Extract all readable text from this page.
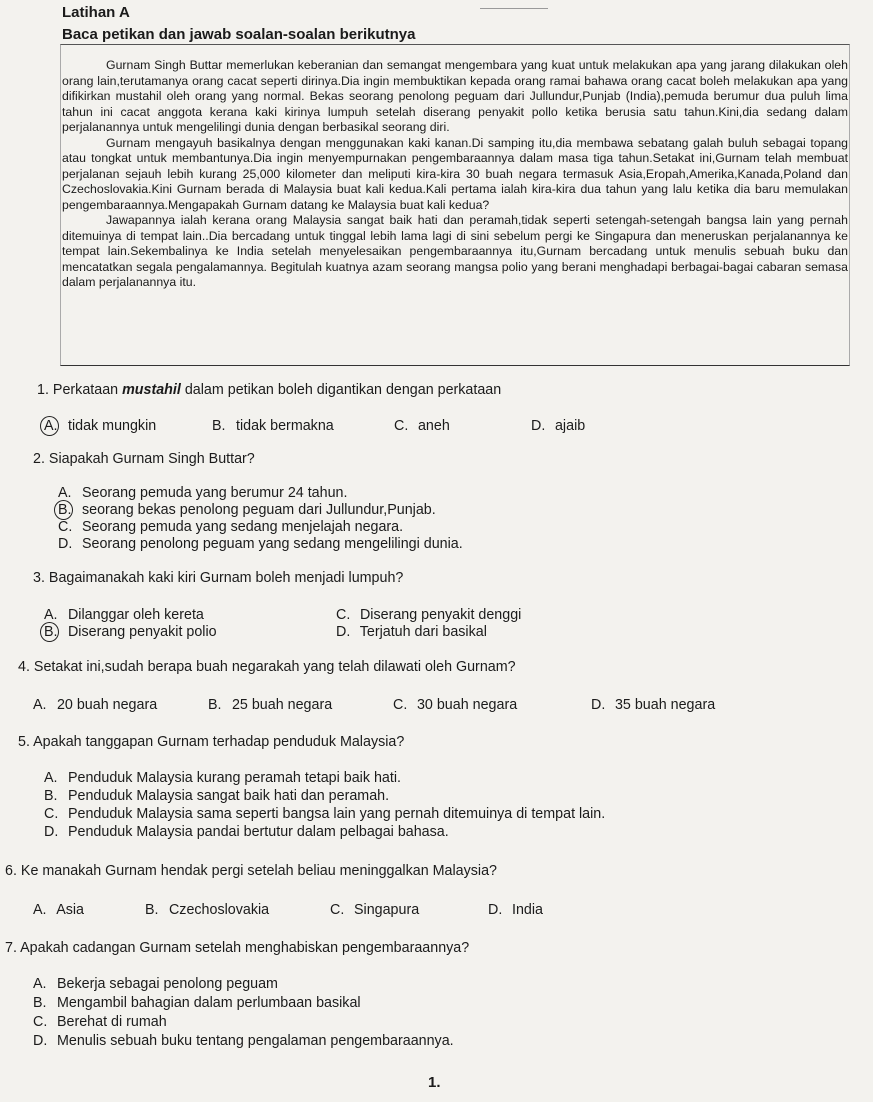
Latihan A
Baca petikan dan jawab soalan-soalan berikutnya

Gurnam Singh Buttar memerlukan keberanian dan semangat mengembara yang kuat untuk melakukan apa yang jarang dilakukan oleh orang lain,terutamanya orang cacat seperti dirinya.Dia ingin membuktikan kepada orang ramai bahawa orang cacat boleh melakukan apa yang difikirkan mustahil oleh orang yang normal. Bekas seorang penolong peguam dari Jullundur,Punjab (India),pemuda berumur dua puluh lima tahun ini cacat anggota kerana kaki kirinya lumpuh setelah diserang penyakit pollo ketika berusia satu tahun.Kini,dia sedang dalam perjalanannya untuk mengelilingi dunia dengan berbasikal seorang diri.

Gurnam mengayuh basikalnya dengan menggunakan kaki kanan.Di samping itu,dia membawa sebatang galah buluh sebagai topang atau tongkat untuk membantunya.Dia ingin menyempurnakan pengembaraannya dalam masa tiga tahun.Setakat ini,Gurnam telah membuat perjalanan sejauh lebih kurang 25,000 kilometer dan meliputi kira-kira 30 buah negara termasuk Asia,Eropah,Amerika,Kanada,Poland dan Czechoslovakia.Kini Gurnam berada di Malaysia buat kali kedua.Kali pertama ialah kira-kira dua tahun yang lalu ketika dia baru memulakan pengembaraannya.Mengapakah Gurnam datang ke Malaysia buat kali kedua?

Jawapannya ialah kerana orang Malaysia sangat baik hati dan peramah,tidak seperti setengah-setengah bangsa lain yang pernah ditemuinya di tempat lain..Dia bercadang untuk tinggal lebih lama lagi di sini sebelum pergi ke Singapura dan meneruskan perjalanannya ke tempat lain.Sekembalinya ke India setelah menyelesaikan pengembaraannya itu,Gurnam bercadang untuk menulis sebuah buku dan mencatatkan segala pengalamannya. Begitulah kuatnya azam seorang mangsa polio yang berani menghadapi berbagai-bagai cabaran semasa dalam perjalanannya itu.

1. Perkataan mustahil dalam petikan boleh digantikan dengan perkataan
A. tidak mungkin	B. tidak bermakna	C. aneh	D. ajaib
2. Siapakah Gurnam Singh Buttar?
A. Seorang pemuda yang berumur 24 tahun.
B. seorang bekas penolong peguam dari Jullundur,Punjab.
C. Seorang pemuda yang sedang menjelajah negara.
D. Seorang penolong peguam yang sedang mengelilingi dunia.
3. Bagaimanakah kaki kiri Gurnam boleh menjadi lumpuh?
A. Dilanggar oleh kereta
B. Diserang penyakit polio
C. Diserang penyakit denggi
D. Terjatuh dari basikal
4. Setakat ini,sudah berapa buah negarakah yang telah dilawati oleh Gurnam?
A. 20 buah negara	B. 25 buah negara	C. 30 buah negara	D. 35 buah negara
5. Apakah tanggapan Gurnam terhadap penduduk Malaysia?
A. Penduduk Malaysia kurang peramah tetapi baik hati.
B. Penduduk Malaysia sangat baik hati dan peramah.
C. Penduduk Malaysia sama seperti bangsa lain yang pernah ditemuinya di tempat lain.
D. Penduduk Malaysia pandai bertutur dalam pelbagai bahasa.
6. Ke manakah Gurnam hendak pergi setelah beliau meninggalkan Malaysia?
A. Asia	B. Czechoslovakia	C. Singapura	D. India
7. Apakah cadangan Gurnam setelah menghabiskan pengembaraannya?
A. Bekerja sebagai penolong peguam
B. Mengambil bahagian dalam perlumbaan basikal
C. Berehat di rumah
D. Menulis sebuah buku tentang pengalaman pengembaraannya.
1.
